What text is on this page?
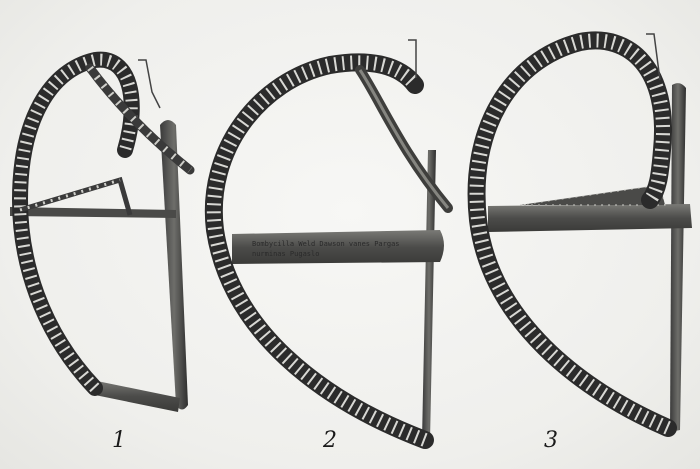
Bombycilla Weld Dawson vanes Pargas
nurminas Pugaslo
1	2	3
